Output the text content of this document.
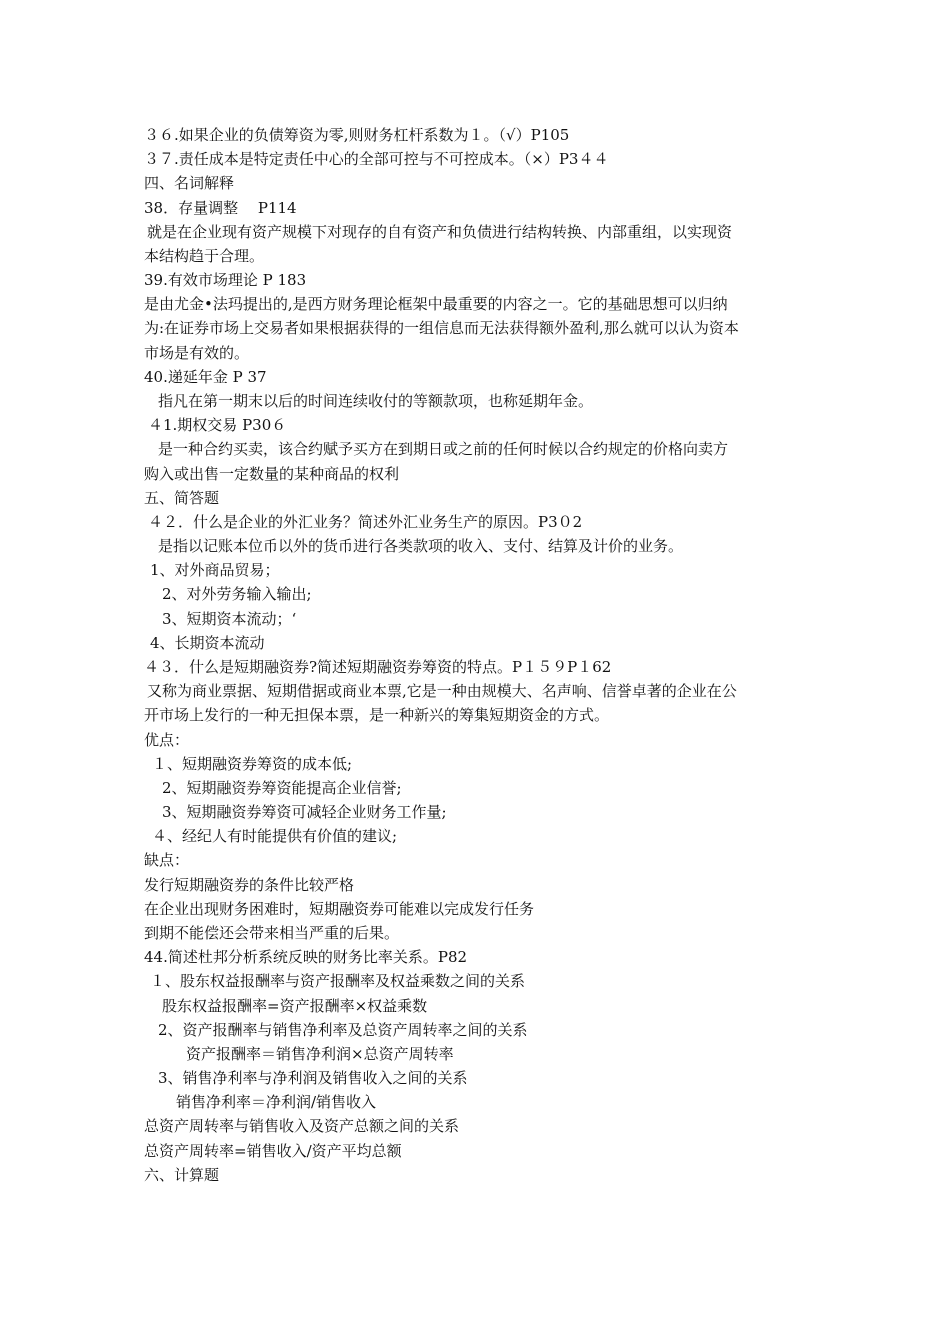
３６.如果企业的负债筹资为零,则财务杠杆系数为１。（√）P105
３７.责任成本是特定责任中心的全部可控与不可控成本。（×）P3４４
四、名词解释
38．存量调整　 P114
就是在企业现有资产规模下对现存的自有资产和负债进行结构转换、内部重组，以实现资
本结构趋于合理。
39.有效市场理论 P 183
是由尤金•法玛提出的,是西方财务理论框架中最重要的内容之一。它的基础思想可以归纳
为:在证券市场上交易者如果根据获得的一组信息而无法获得额外盈利,那么就可以认为资本
市场是有效的。
40.递延年金 P 37
指凡在第一期末以后的时间连续收付的等额款项，也称延期年金。
４1.期权交易 P30６
是一种合约买卖，该合约赋予买方在到期日或之前的任何时候以合约规定的价格向卖方
购入或出售一定数量的某种商品的权利
五、简答题
４２．什么是企业的外汇业务？简述外汇业务生产的原因。P3０2
是指以记账本位币以外的货币进行各类款项的收入、支付、结算及计价的业务。
1、对外商品贸易；
2、对外劳务输入输出;
3、短期资本流动；‘
4、长期资本流动
４３．什么是短期融资券?简述短期融资券筹资的特点。P１５９P１62
又称为商业票据、短期借据或商业本票,它是一种由规模大、名声响、信誉卓著的企业在公
开市场上发行的一种无担保本票，是一种新兴的筹集短期资金的方式。
优点：
１、短期融资券筹资的成本低;
2、短期融资券筹资能提高企业信誉;
3、短期融资券筹资可减轻企业财务工作量;
４、经纪人有时能提供有价值的建议;
缺点：
发行短期融资券的条件比较严格
在企业出现财务困难时，短期融资券可能难以完成发行任务
到期不能偿还会带来相当严重的后果。
44.简述杜邦分析系统反映的财务比率关系。P82
１、股东权益报酬率与资产报酬率及权益乘数之间的关系
股东权益报酬率=资产报酬率×权益乘数
2、资产报酬率与销售净利率及总资产周转率之间的关系
资产报酬率＝销售净利润×总资产周转率
3、销售净利率与净利润及销售收入之间的关系
销售净利率＝净利润/销售收入
总资产周转率与销售收入及资产总额之间的关系
总资产周转率=销售收入/资产平均总额
六、计算题
